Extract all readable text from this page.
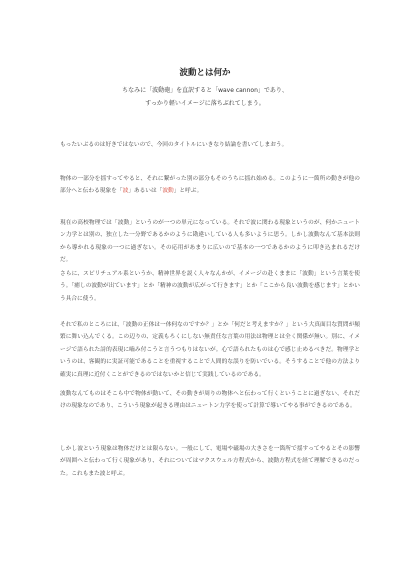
波動とは何か
ちなみに「波動砲」を直訳すると「wave cannon」であり、
すっかり軽いイメージに落ちぶれてしまう。

もったいぶるのは好きではないので、今回のタイトルにいきなり結論を書いてしまおう。

物体の一部分を揺すってやると、それに繋がった別の部分もそのうちに揺れ始める。このように一箇所の動きが他の部分へと伝わる現象を「波」あるいは「波動」と呼ぶ。

現在の高校物理では「波動」というのが一つの単元になっている。それで波に関わる現象というのが、何かニュートン力学とは別の、独立した一分野であるかのように勘違いしている人も多いように思う。しかし波動なんて基本法則から導かれる現象の一つに過ぎない。その応用があまりに広いので基本の一つであるかのように叩き込まれるだけだ。

さらに、スピリチュアル系というか、精神世界を説く人々なんかが、イメージの赴くままに「波動」という言葉を使う。「癒しの波動が出ています」とか「精神の波動が広がって行きます」とか「ここから良い波動を感じます」とかいう具合に使う。

それで私のところには、「波動の正体は一体何なのですか？」とか「何だと考えますか？」という大真面目な質問が頻繁に舞い込んでくる。この辺りの、定義もろくにしない無責任な言葉の用法は物理とは全く関係が無い。別に、イメージで語られた詩的表現に嚙み付こうと言うつもりはないが。心で語られたものは心で感じ止めるべきだ。物理学というのは、客観的に実証可能であることを重視することで人間的な誤りを防いでいる。そうすることで他の方法より確実に真理に近付くことができるのではないかと信じて実践しているのである。

波動なんてものはそこら中で物体が動いて、その動きが周りの物体へと伝わって行くということに過ぎない、それだけの現象なのであり、こういう現象が起きる理由はニュートン力学を使って計算で導いてやる事ができるのである。

しかし波という現象は物体だけとは限らない。一般にして、電場や磁場の大きさを一箇所で揺すってやるとその影響が周囲へと伝わって行く現象があり、それについてはマクスウェル方程式から、波動方程式を経て理解できるのだった。これもまた波と呼ぶ。
